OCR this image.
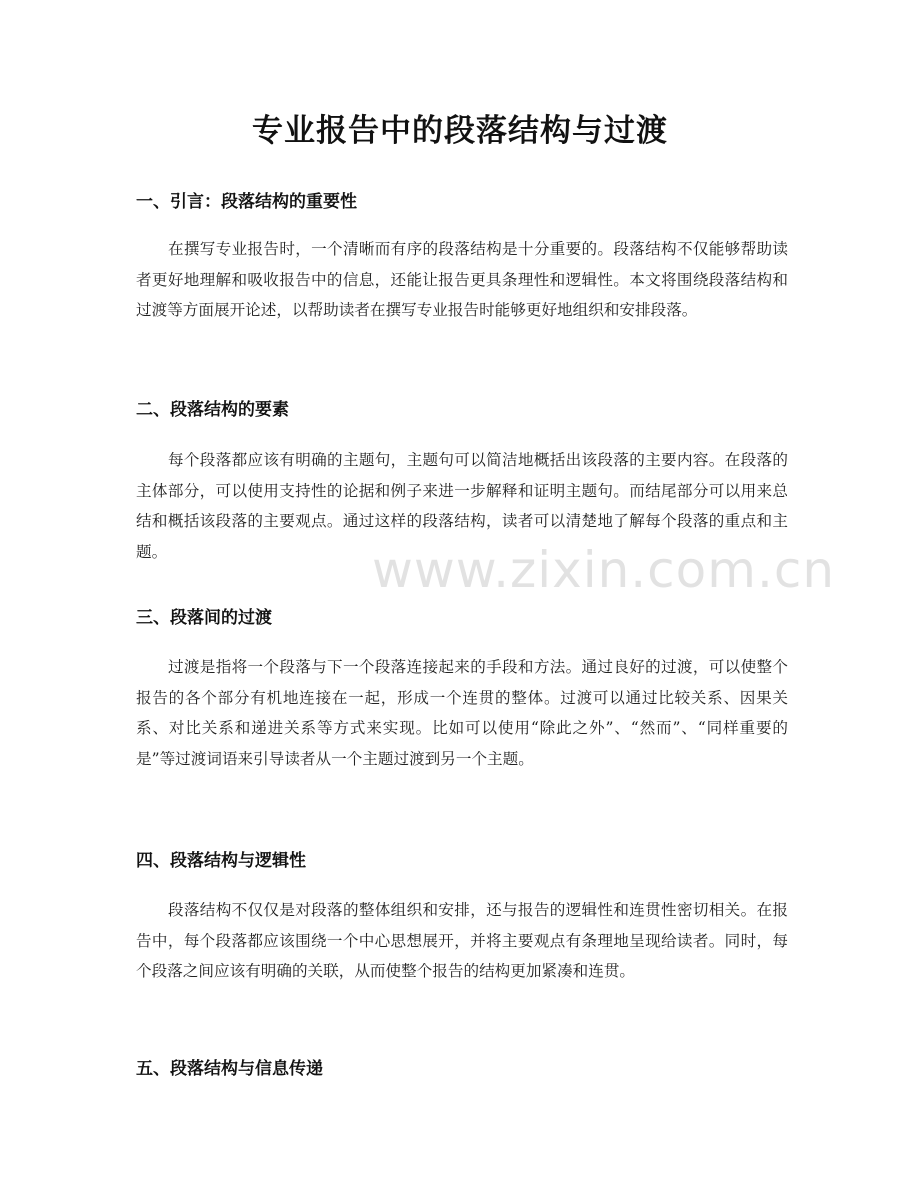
专业报告中的段落结构与过渡
一、引言：段落结构的重要性
在撰写专业报告时，一个清晰而有序的段落结构是十分重要的。段落结构不仅能够帮助读者更好地理解和吸收报告中的信息，还能让报告更具条理性和逻辑性。本文将围绕段落结构和过渡等方面展开论述，以帮助读者在撰写专业报告时能够更好地组织和安排段落。
二、段落结构的要素
每个段落都应该有明确的主题句，主题句可以简洁地概括出该段落的主要内容。在段落的主体部分，可以使用支持性的论据和例子来进一步解释和证明主题句。而结尾部分可以用来总结和概括该段落的主要观点。通过这样的段落结构，读者可以清楚地了解每个段落的重点和主题。
三、段落间的过渡
过渡是指将一个段落与下一个段落连接起来的手段和方法。通过良好的过渡，可以使整个报告的各个部分有机地连接在一起，形成一个连贯的整体。过渡可以通过比较关系、因果关系、对比关系和递进关系等方式来实现。比如可以使用“除此之外”、“然而”、“同样重要的是”等过渡词语来引导读者从一个主题过渡到另一个主题。
四、段落结构与逻辑性
段落结构不仅仅是对段落的整体组织和安排，还与报告的逻辑性和连贯性密切相关。在报告中，每个段落都应该围绕一个中心思想展开，并将主要观点有条理地呈现给读者。同时，每个段落之间应该有明确的关联，从而使整个报告的结构更加紧凑和连贯。
五、段落结构与信息传递
www.zixin.com.cn
